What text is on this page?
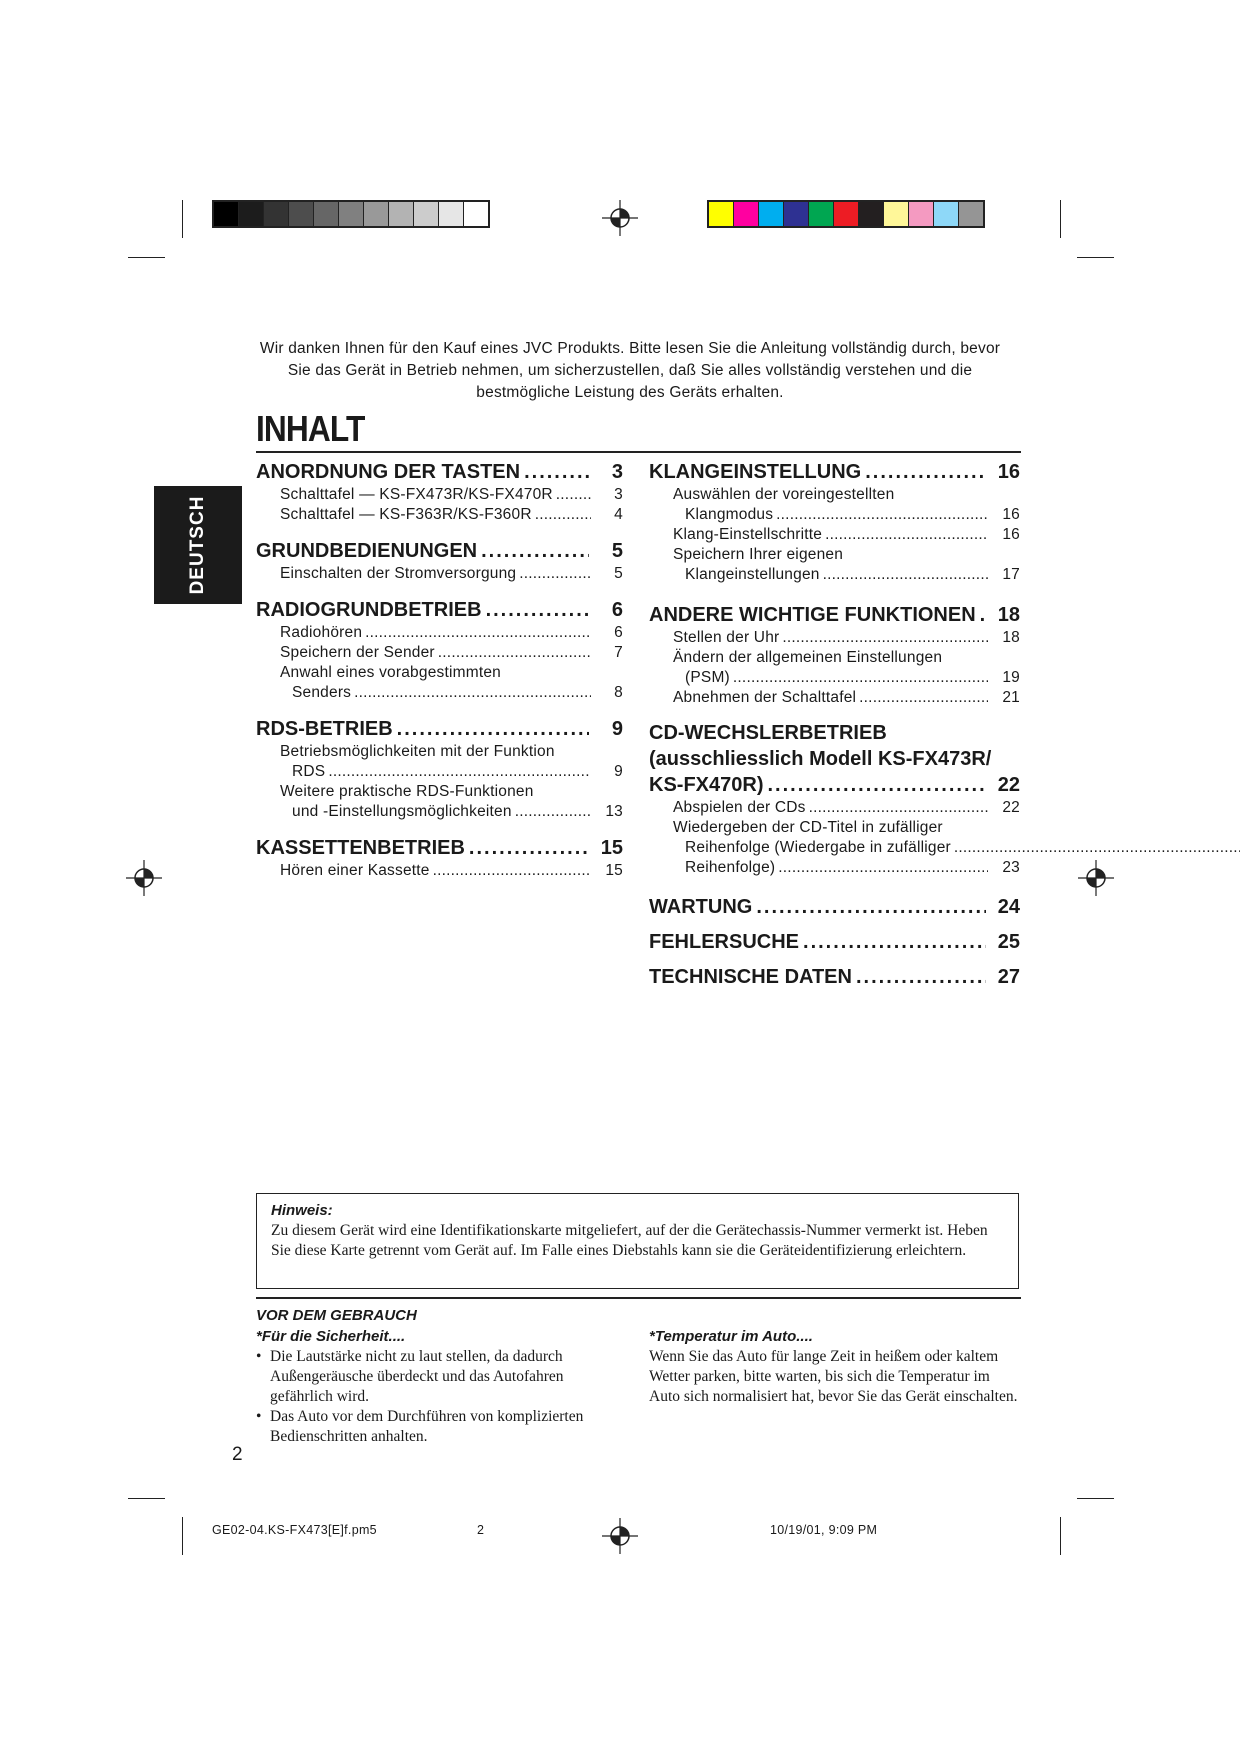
Wir danken Ihnen für den Kauf eines JVC Produkts. Bitte lesen Sie die Anleitung vollständig durch, bevor Sie das Gerät in Betrieb nehmen, um sicherzustellen, daß Sie alles vollständig verstehen und die bestmögliche Leistung des Geräts erhalten.
INHALT
DEUTSCH
ANORDNUNG DER TASTEN .....	3
Schalttafel — KS-FX473R/KS-FX470R .....	3
Schalttafel — KS-F363R/KS-F360R .....	4
GRUNDBEDIENUNGEN .....	5
Einschalten der Stromversorgung .....	5
RADIOGRUNDBETRIEB .....	6
Radiohören .....	6
Speichern der Sender .....	7
Anwahl eines vorabgestimmten
Senders .....	8
RDS-BETRIEB .....	9
Betriebsmöglichkeiten mit der Funktion
RDS .....	9
Weitere praktische RDS-Funktionen
und -Einstellungsmöglichkeiten .....	13
KASSETTENBETRIEB .....	15
Hören einer Kassette .....	15
KLANGEINSTELLUNG .....	16
Auswählen der voreingestellten
Klangmodus .....	16
Klang-Einstellschritte .....	16
Speichern Ihrer eigenen
Klangeinstellungen .....	17
ANDERE WICHTIGE FUNKTIONEN ..... 18
Stellen der Uhr .....	18
Ändern der allgemeinen Einstellungen
(PSM) .....	19
Abnehmen der Schalttafel .....	21
CD-WECHSLERBETRIEB
(ausschliesslich Modell KS-FX473R/
KS-FX470R) .....	22
Abspielen der CDs .....	22
Wiedergeben der CD-Titel in zufälliger
Reihenfolge (Wiedergabe in zufälliger ... .....
Reihenfolge) .....	23
WARTUNG .....	24
FEHLERSUCHE .....	25
TECHNISCHE DATEN .....	27
Hinweis:
Zu diesem Gerät wird eine Identifikationskarte mitgeliefert, auf der die Gerätechassis-Nummer vermerkt ist. Heben Sie diese Karte getrennt vom Gerät auf. Im Falle eines Diebstahls kann sie die Geräteidentifizierung erleichtern.
VOR DEM GEBRAUCH
*Für die Sicherheit....
• Die Lautstärke nicht zu laut stellen, da dadurch Außengeräusche überdeckt und das Autofahren gefährlich wird.
• Das Auto vor dem Durchführen von komplizierten Bedienschritten anhalten.
*Temperatur im Auto....
Wenn Sie das Auto für lange Zeit in heißem oder kaltem Wetter parken, bitte warten, bis sich die Temperatur im Auto sich normalisiert hat, bevor Sie das Gerät einschalten.
2
GE02-04.KS-FX473[E]f.pm5	2	10/19/01, 9:09 PM
